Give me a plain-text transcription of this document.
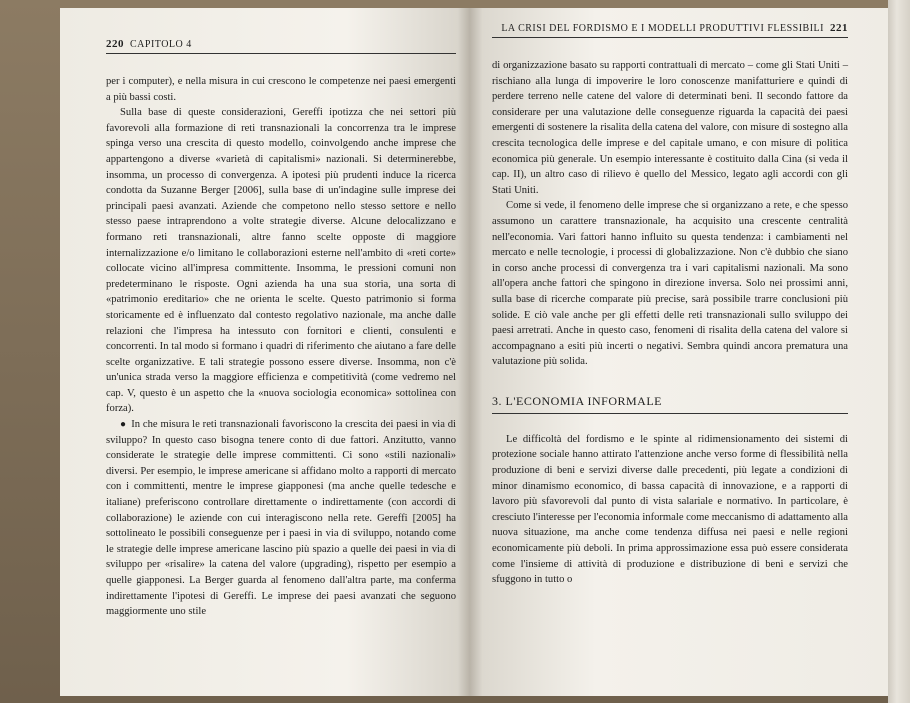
220 CAPITOLO 4

per i computer), e nella misura in cui crescono le competenze nei paesi emergenti a più bassi costi.

Sulla base di queste considerazioni, Gereffi ipotizza che nei settori più favorevoli alla formazione di reti transnazionali la concorrenza tra le imprese spinga verso una crescita di questo modello, coinvolgendo anche imprese che appartengono a diverse «varietà di capitalismi» nazionali. Si determinerebbe, insomma, un processo di convergenza. A ipotesi più prudenti induce la ricerca condotta da Suzanne Berger [2006], sulla base di un'indagine sulle imprese dei principali paesi avanzati. Aziende che competono nello stesso settore e nello stesso paese intraprendono a volte strategie diverse. Alcune delocalizzano e formano reti transnazionali, altre fanno scelte opposte di maggiore internalizzazione e/o limitano le collaborazioni esterne nell'ambito di «reti corte» collocate vicino all'impresa committente. Insomma, le pressioni comuni non predeterminano le risposte. Ogni azienda ha una sua storia, una sorta di «patrimonio ereditario» che ne orienta le scelte. Questo patrimonio si forma storicamente ed è influenzato dal contesto regolativo nazionale, ma anche dalle relazioni che l'impresa ha intessuto con fornitori e clienti, consulenti e concorrenti. In tal modo si formano i quadri di riferimento che aiutano a fare delle scelte organizzative. E tali strategie possono essere diverse. Insomma, non c'è un'unica strada verso la maggiore efficienza e competitività (come vedremo nel cap. V, questo è un aspetto che la «nuova sociologia economica» sottolinea con forza).

● In che misura le reti transnazionali favoriscono la crescita dei paesi in via di sviluppo? In questo caso bisogna tenere conto di due fattori. Anzitutto, vanno considerate le strategie delle imprese committenti. Ci sono «stili nazionali» diversi. Per esempio, le imprese americane si affidano molto a rapporti di mercato con i committenti, mentre le imprese giapponesi (ma anche quelle tedesche e italiane) preferiscono controllare direttamente o indirettamente (con accordi di collaborazione) le aziende con cui interagiscono nella rete. Gereffi [2005] ha sottolineato le possibili conseguenze per i paesi in via di sviluppo, notando come le strategie delle imprese americane lascino più spazio a quelle dei paesi in via di sviluppo per «risalire» la catena del valore (upgrading), rispetto per esempio a quelle giapponesi. La Berger guarda al fenomeno dall'altra parte, ma conferma indirettamente l'ipotesi di Gereffi. Le imprese dei paesi avanzati che seguono maggiormente uno stile

LA CRISI DEL FORDISMO E I MODELLI PRODUTTIVI FLESSIBILI 221

di organizzazione basato su rapporti contrattuali di mercato – come gli Stati Uniti – rischiano alla lunga di impoverire le loro conoscenze manifatturiere e quindi di perdere terreno nelle catene del valore di determinati beni. Il secondo fattore da considerare per una valutazione delle conseguenze riguarda la capacità dei paesi emergenti di sostenere la risalita della catena del valore, con misure di sostegno alla crescita tecnologica delle imprese e del capitale umano, e con misure di politica economica più generale. Un esempio interessante è costituito dalla Cina (si veda il cap. II), un altro caso di rilievo è quello del Messico, legato agli accordi con gli Stati Uniti.

Come si vede, il fenomeno delle imprese che si organizzano a rete, e che spesso assumono un carattere transnazionale, ha acquisito una crescente centralità nell'economia. Vari fattori hanno influito su questa tendenza: i cambiamenti nel mercato e nelle tecnologie, i processi di globalizzazione. Non c'è dubbio che siano in corso anche processi di convergenza tra i vari capitalismi nazionali. Ma sono all'opera anche fattori che spingono in direzione inversa. Solo nei prossimi anni, sulla base di ricerche comparate più precise, sarà possibile trarre conclusioni più solide. E ciò vale anche per gli effetti delle reti transnazionali sullo sviluppo dei paesi arretrati. Anche in questo caso, fenomeni di risalita della catena del valore si accompagnano a esiti più incerti o negativi. Sembra quindi ancora prematura una valutazione più solida.

3. L'ECONOMIA INFORMALE

Le difficoltà del fordismo e le spinte al ridimensionamento dei sistemi di protezione sociale hanno attirato l'attenzione anche verso forme di flessibilità nella produzione di beni e servizi diverse dalle precedenti, più legate a condizioni di minor dinamismo economico, di bassa capacità di innovazione, e a rapporti di lavoro più sfavorevoli dal punto di vista salariale e normativo. In particolare, è cresciuto l'interesse per l'economia informale come meccanismo di adattamento alla nuova situazione, ma anche come tendenza diffusa nei paesi e nelle regioni economicamente più deboli. In prima approssimazione essa può essere considerata come l'insieme di attività di produzione e distribuzione di beni e servizi che sfuggono in tutto o
